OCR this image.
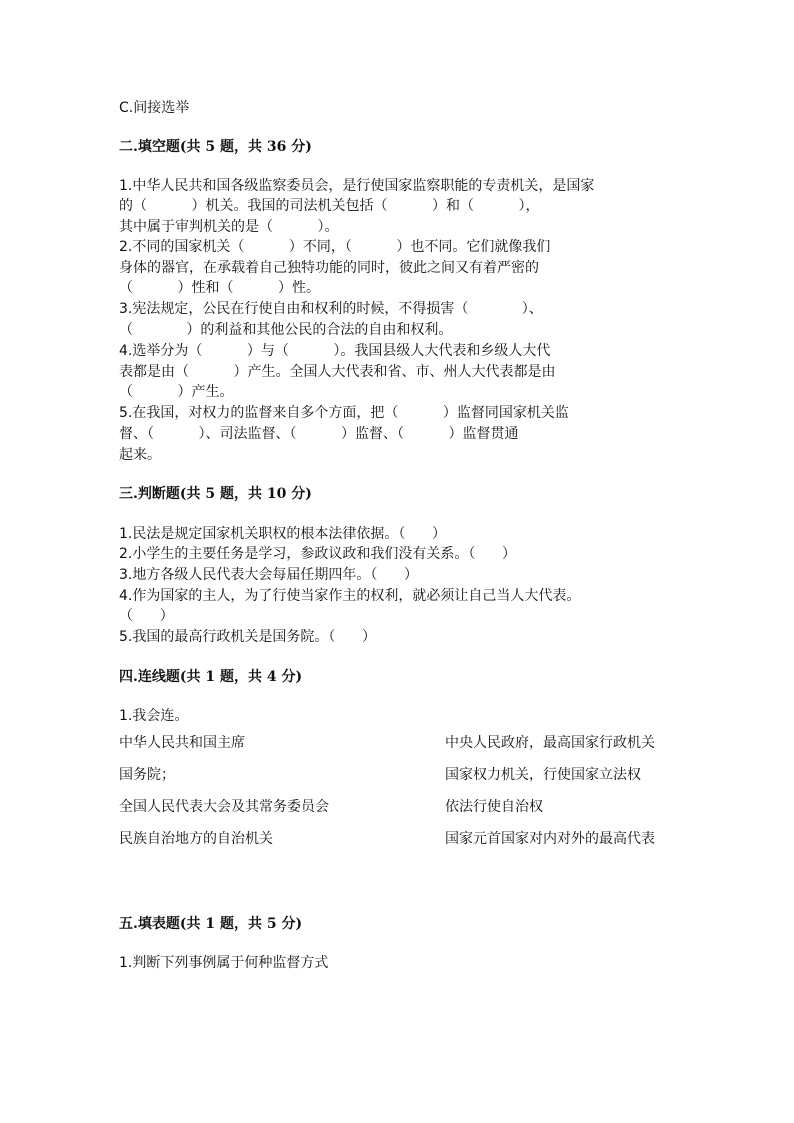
C.间接选举
二.填空题(共 5 题，共 36 分)
1.中华人民共和国各级监察委员会，是行使国家监察职能的专责机关，是国家
的（          ）机关。我国的司法机关包括（          ）和（          ），
其中属于审判机关的是（          ）。
2.不同的国家机关（          ）不同，（          ）也不同。它们就像我们
身体的器官，在承载着自己独特功能的同时，彼此之间又有着严密的
（          ）性和（          ）性。
3.宪法规定，公民在行使自由和权利的时候，不得损害（            ）、
（            ）的利益和其他公民的合法的自由和权利。
4.选举分为（          ）与（          ）。我国县级人大代表和乡级人大代
表都是由（          ）产生。全国人大代表和省、市、州人大代表都是由
（          ）产生。
5.在我国，对权力的监督来自多个方面，把（          ）监督同国家机关监
督、（          ）、司法监督、（          ）监督、（          ）监督贯通
起来。
三.判断题(共 5 题，共 10 分)
1.民法是规定国家机关职权的根本法律依据。（      ）
2.小学生的主要任务是学习，参政议政和我们没有关系。（      ）
3.地方各级人民代表大会每届任期四年。（      ）
4.作为国家的主人，为了行使当家作主的权利，就必须让自己当人大代表。
（      ）
5.我国的最高行政机关是国务院。（      ）
四.连线题(共 1 题，共 4 分)
1.我会连。
中华人民共和国主席	中央人民政府，最高国家行政机关
国务院；	国家权力机关，行使国家立法权
全国人民代表大会及其常务委员会	依法行使自治权
民族自治地方的自治机关	国家元首国家对内对外的最高代表
五.填表题(共 1 题，共 5 分)
1.判断下列事例属于何种监督方式
